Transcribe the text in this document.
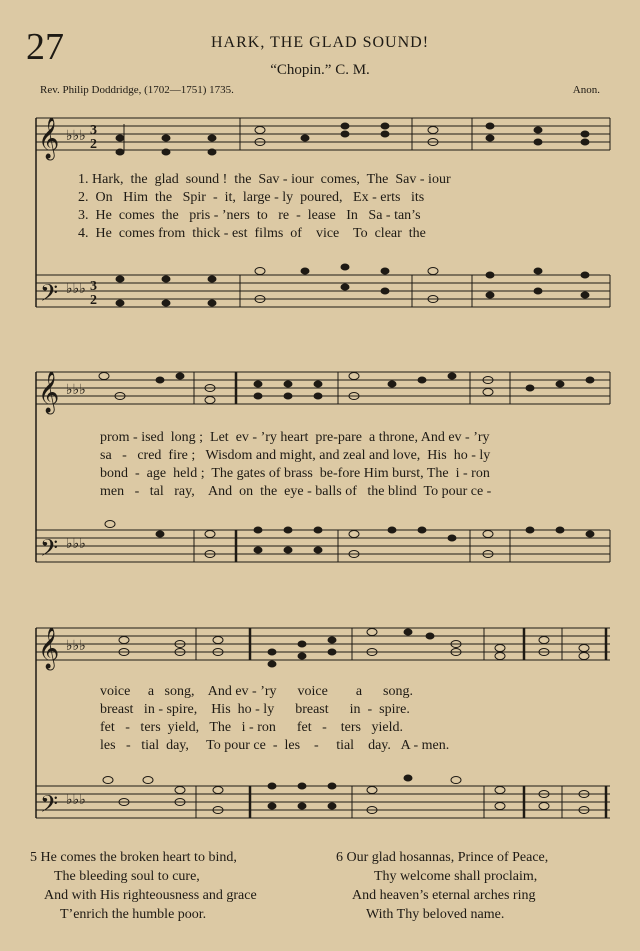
27	HARK, THE GLAD SOUND!
“Chopin.” C. M.
Rev. Philip Doddridge, (1702—1751) 1735.	Anon.
𝄞
𝄢
♭♭♭
♭♭♭
3
2
3
2
1. Hark,  the  glad  sound !  the  Sav - iour  comes,  The  Sav - iour
2.  On   Him  the   Spir  -  it,  large - ly  poured,   Ex - erts   its
3.  He  comes  the   pris - ’ners  to   re  -  lease   In   Sa - tan’s
4.  He  comes from  thick - est  films  of    vice    To  clear  the
𝄞
𝄢
♭♭♭
♭♭♭
prom - ised  long ;  Let  ev - ’ry heart  pre-pare  a throne, And ev - ’ry
sa   -   cred  fire ;   Wisdom and might, and zeal and love,  His  ho - ly
bond  -  age  held ;  The gates of brass  be-fore Him burst, The  i - ron
men   -   tal   ray,    And  on  the  eye - balls of   the blind  To pour ce -
𝄞
𝄢
♭♭♭
♭♭♭
voice     a   song,    And ev - ’ry      voice        a      song.
breast   in - spire,    His  ho - ly      breast      in  -  spire.
fet   -   ters  yield,   The   i - ron      fet   -    ters   yield.
les   -   tial  day,     To pour ce  -  les    -     tial    day.   A - men.
5 He comes the broken heart to bind,
The bleeding soul to cure,
And with His righteousness and grace
T’enrich the humble poor.
6 Our glad hosannas, Prince of Peace,
Thy welcome shall proclaim,
And heaven’s eternal arches ring
With Thy beloved name.
